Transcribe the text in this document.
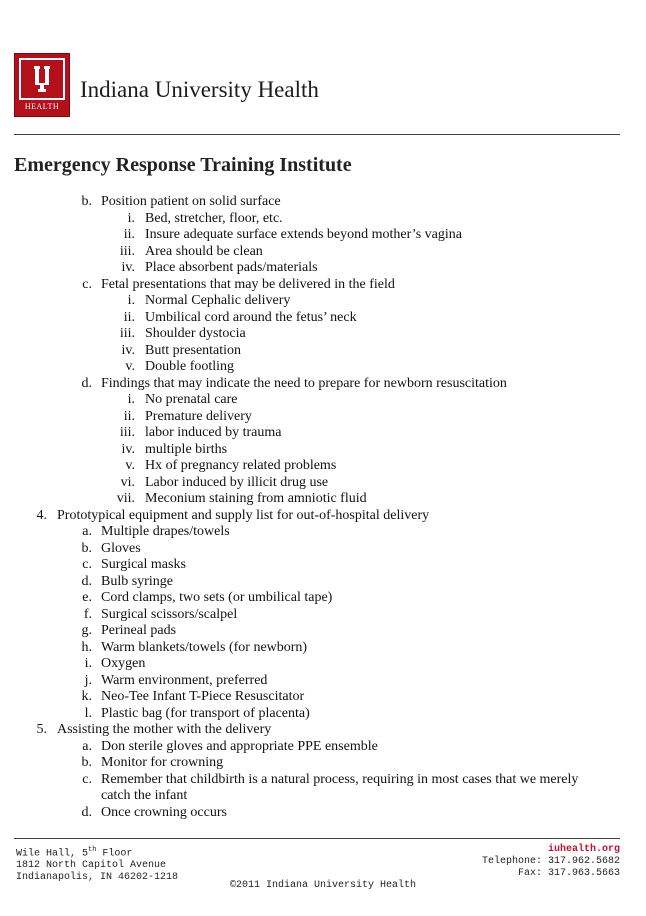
HEALTH
Indiana University Health
Emergency Response Training Institute
b. Position patient on solid surface
i. Bed, stretcher, floor, etc.
ii. Insure adequate surface extends beyond mother’s vagina
iii. Area should be clean
iv. Place absorbent pads/materials
c. Fetal presentations that may be delivered in the field
i. Normal Cephalic delivery
ii. Umbilical cord around the fetus’ neck
iii. Shoulder dystocia
iv. Butt presentation
v. Double footling
d. Findings that may indicate the need to prepare for newborn resuscitation
i. No prenatal care
ii. Premature delivery
iii. labor induced by trauma
iv. multiple births
v. Hx of pregnancy related problems
vi. Labor induced by illicit drug use
vii. Meconium staining from amniotic fluid
4. Prototypical equipment and supply list for out-of-hospital delivery
a. Multiple drapes/towels
b. Gloves
c. Surgical masks
d. Bulb syringe
e. Cord clamps, two sets (or umbilical tape)
f. Surgical scissors/scalpel
g. Perineal pads
h. Warm blankets/towels (for newborn)
i. Oxygen
j. Warm environment, preferred
k. Neo-Tee Infant T-Piece Resuscitator
l. Plastic bag (for transport of placenta)
5. Assisting the mother with the delivery
a. Don sterile gloves and appropriate PPE ensemble
b. Monitor for crowning
c. Remember that childbirth is a natural process, requiring in most cases that we merely
catch the infant
d. Once crowning occurs
Wile Hall, 5th Floor
1812 North Capitol Avenue
Indianapolis, IN 46202-1218
iuhealth.org
Telephone: 317.962.5682
Fax: 317.963.5663
©2011 Indiana University Health
